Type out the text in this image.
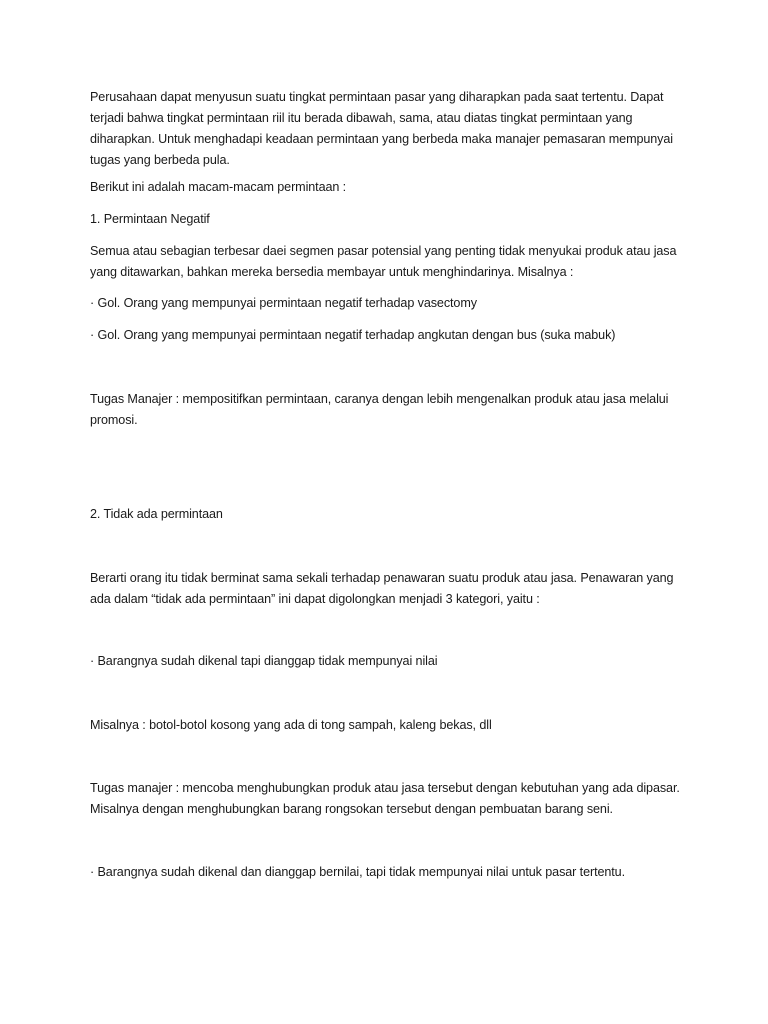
Perusahaan dapat menyusun suatu tingkat permintaan pasar yang diharapkan pada saat tertentu. Dapat terjadi bahwa tingkat permintaan riil itu berada dibawah, sama, atau diatas tingkat permintaan yang diharapkan. Untuk menghadapi keadaan permintaan yang berbeda maka manajer pemasaran mempunyai tugas yang berbeda pula.

Berikut ini adalah macam-macam permintaan :

1. Permintaan Negatif

Semua atau sebagian terbesar daei segmen pasar potensial yang penting tidak menyukai produk atau jasa yang ditawarkan, bahkan mereka bersedia membayar untuk menghindarinya. Misalnya :

· Gol. Orang yang mempunyai permintaan negatif terhadap vasectomy

· Gol. Orang yang mempunyai permintaan negatif terhadap angkutan dengan bus (suka mabuk)

Tugas Manajer : mempositifkan permintaan, caranya dengan lebih mengenalkan produk atau jasa melalui promosi.

2. Tidak ada permintaan

Berarti orang itu tidak berminat sama sekali terhadap penawaran suatu produk atau jasa. Penawaran yang ada dalam “tidak ada permintaan” ini dapat digolongkan menjadi 3 kategori, yaitu :

· Barangnya sudah dikenal tapi dianggap tidak mempunyai nilai

Misalnya : botol-botol kosong yang ada di tong sampah, kaleng bekas, dll

Tugas manajer : mencoba menghubungkan produk atau jasa tersebut dengan kebutuhan yang ada dipasar. Misalnya dengan menghubungkan barang rongsokan tersebut dengan pembuatan barang seni.

· Barangnya sudah dikenal dan dianggap bernilai, tapi tidak mempunyai nilai untuk pasar tertentu.
